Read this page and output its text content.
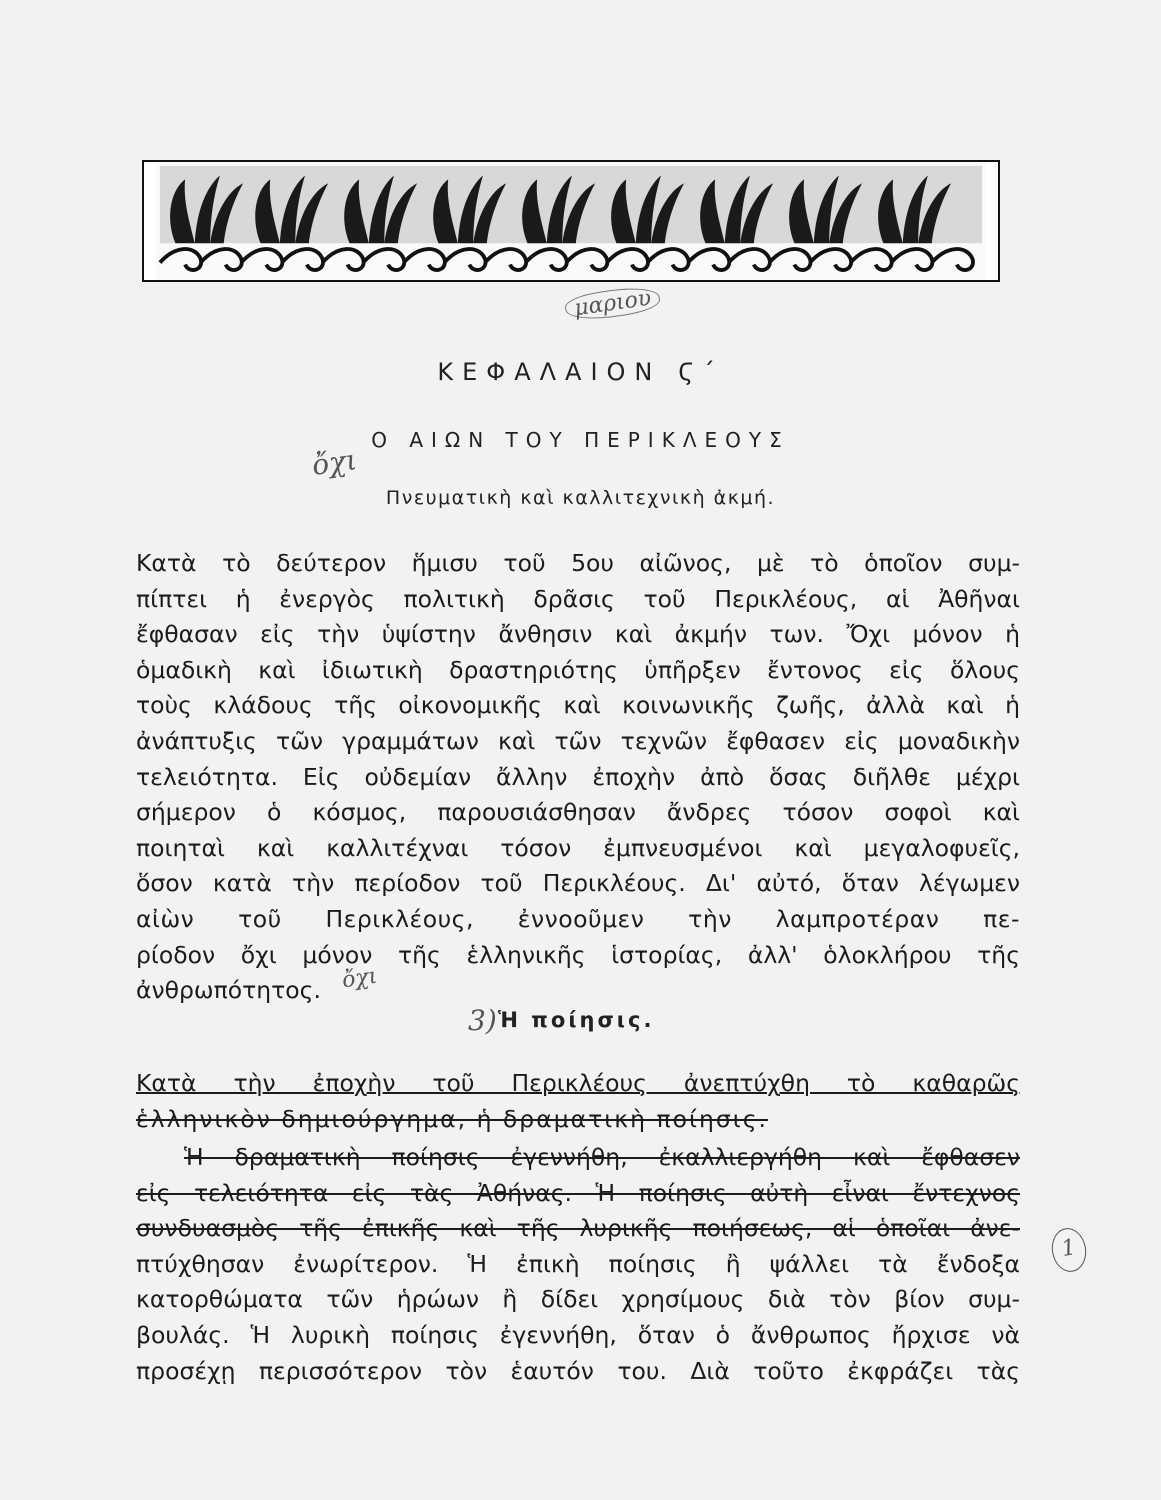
μαριου
ὄχι
ὄχι
3)
1
ΚΕΦΑΛΑΙΟΝ Ϛ΄
Ο ΑΙΩΝ ΤΟΥ ΠΕΡΙΚΛΕΟΥΣ
Πνευματικὴ καὶ καλλιτεχνικὴ ἀκμή.
Κατὰ τὸ δεύτερον ἥμισυ τοῦ 5ου αἰῶνος, μὲ τὸ ὁποῖον συμ-
πίπτει ἡ ἐνεργὸς πολιτικὴ δρᾶσις τοῦ Περικλέους, αἱ Ἀθῆναι
ἔφθασαν εἰς τὴν ὑψίστην ἄνθησιν καὶ ἀκμήν των. Ὄχι μόνον ἡ
ὁμαδικὴ καὶ ἰδιωτικὴ δραστηριότης ὑπῆρξεν ἔντονος εἰς ὅλους
τοὺς κλάδους τῆς οἰκονομικῆς καὶ κοινωνικῆς ζωῆς, ἀλλὰ καὶ ἡ
ἀνάπτυξις τῶν γραμμάτων καὶ τῶν τεχνῶν ἔφθασεν εἰς μοναδικὴν
τελειότητα. Εἰς οὐδεμίαν ἄλλην ἐποχὴν ἀπὸ ὅσας διῆλθε μέχρι
σήμερον ὁ κόσμος, παρουσιάσθησαν ἄνδρες τόσον σοφοὶ καὶ
ποιηταὶ καὶ καλλιτέχναι τόσον ἐμπνευσμένοι καὶ μεγαλοφυεῖς,
ὅσον κατὰ τὴν περίοδον τοῦ Περικλέους. Δι' αὐτό, ὅταν λέγωμεν
αἰὼν τοῦ Περικλέους, ἐννοοῦμεν τὴν λαμπροτέραν πε-
ρίοδον ὄχι μόνον τῆς ἑλληνικῆς ἱστορίας, ἀλλ' ὁλοκλήρου τῆς
ἀνθρωπότητος.
Ἡ ποίησις.
Κατὰ τὴν ἐποχὴν τοῦ Περικλέους ἀνεπτύχθη τὸ καθαρῶς
ἑλληνικὸν δημιούργημα, ἡ δραματικὴ ποίησις.
Ἡ δραματικὴ ποίησις ἐγεννήθη, ἐκαλλιεργήθη καὶ ἔφθασεν
εἰς τελειότητα εἰς τὰς Ἀθήνας. Ἡ ποίησις αὐτὴ εἶναι ἔντεχνος
συνδυασμὸς τῆς ἐπικῆς καὶ τῆς λυρικῆς ποιήσεως, αἱ ὁποῖαι ἀνε-
πτύχθησαν ἐνωρίτερον. Ἡ ἐπικὴ ποίησις ἢ ψάλλει τὰ ἔνδοξα
κατορθώματα τῶν ἡρώων ἢ δίδει χρησίμους διὰ τὸν βίον συμ-
βουλάς. Ἡ λυρικὴ ποίησις ἐγεννήθη, ὅταν ὁ ἄνθρωπος ἤρχισε νὰ
προσέχῃ περισσότερον τὸν ἑαυτόν του. Διὰ τοῦτο ἐκφράζει τὰς
